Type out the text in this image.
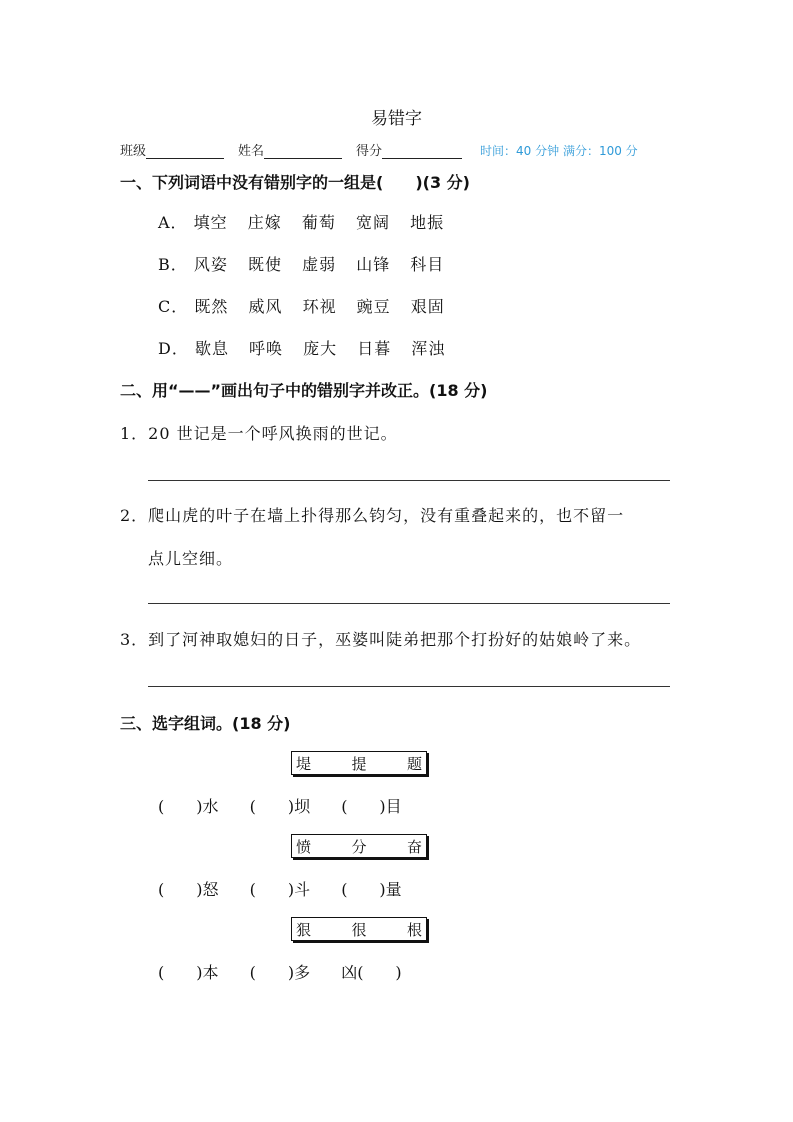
易错字
班级	姓名	得分	时间：40 分钟 满分：100 分
一、下列词语中没有错别字的一组是(　　)(3 分)
A． 填空 庄嫁 葡萄 宽阔 地振
B． 风姿 既使 虚弱 山锋 科目
C． 既然 威风 环视 豌豆 艰固
D． 歇息 呼唤 庞大 日暮 浑浊
二、用“——”画出句子中的错别字并改正。(18 分)
1．20 世记是一个呼风换雨的世记。
2．爬山虎的叶子在墙上扑得那么钧匀，没有重叠起来的，也不留一
点儿空细。
3．到了河神取媳妇的日子，巫婆叫陡弟把那个打扮好的姑娘岭了来。
三、选字组词。(18 分)
堤	提	题
(　　)水 (　　)坝 (　　)目
愤	分	奋
(　　)怒 (　　)斗 (　　)量
狠	很	根
(　　)本 (　　)多 凶(　　)
